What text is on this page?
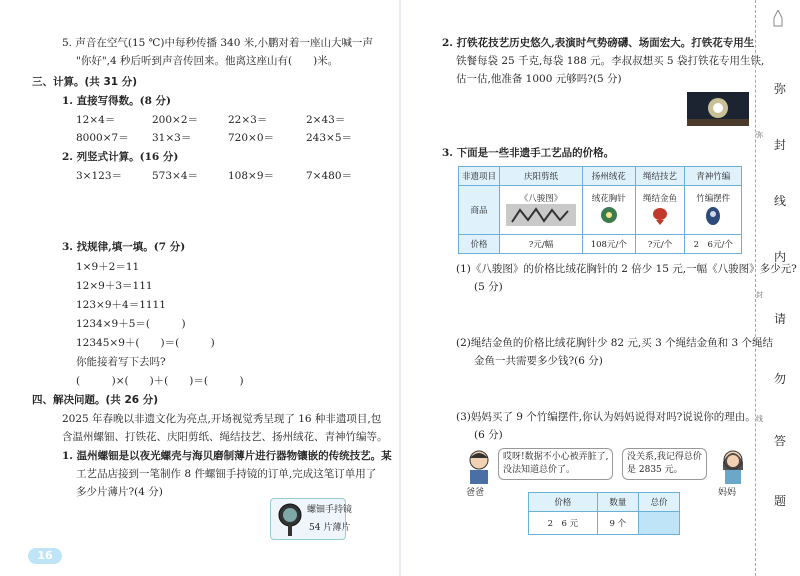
5. 声音在空气(15 ℃)中每秒传播 340 米,小鹏对着一座山大喊一声
"你好",4 秒后听到声音传回来。他离这座山有(　　)米。
三、计算。(共 31 分)
1. 直接写得数。(8 分)
12×4＝	200×2＝	22×3＝	2×43＝
8000×7＝ 31×3＝	720×0＝	243×5＝
2. 列竖式计算。(16 分)
3×123＝	573×4＝	108×9＝	7×480＝
3. 找规律,填一填。(7 分)
1×9＋2＝11
12×9＋3＝111
123×9＋4＝1111
1234×9＋5＝(　　　)
12345×9＋(　　)＝(　　　)
你能接着写下去吗?
(　　　)×(　　)＋(　　)＝(　　　)
四、解决问题。(共 26 分)
2025 年春晚以非遗文化为亮点,开场视觉秀呈现了 16 种非遗项目,包
含温州螺钿、打铁花、庆阳剪纸、绳结技艺、扬州绒花、青神竹编等。
1. 温州螺钿是以夜光螺壳与海贝磨制薄片进行器物镶嵌的传统技艺。某
工艺品店接到一笔制作 8 件螺钿手持镜的订单,完成这笔订单用了
多少片薄片?(4 分)
螺钿手持镜
54 片薄片
16
2. 打铁花技艺历史悠久,表演时气势磅礴、场面宏大。打铁花专用生
铁餐每袋 25 千克,每袋 188 元。李叔叔想买 5 袋打铁花专用生铁,
估一估,他准备 1000 元够吗?(5 分)
3. 下面是一些非遗手工艺品的价格。
非遗项目	庆阳剪纸	扬州绒花	绳结技艺	青神竹编
商品	《八骏图》	绒花胸针	绳结金鱼	竹编摆件

价格	?元/幅	108元/个	?元/个	2　6元/个
(1)《八骏图》的价格比绒花胸针的 2 倍少 15 元,一幅《八骏图》多少元?
(5 分)
(2)绳结金鱼的价格比绒花胸针少 82 元,买 3 个绳结金鱼和 3 个绳结
金鱼一共需要多少钱?(6 分)
(3)妈妈买了 9 个竹编摆件,你认为妈妈说得对吗?说说你的理由。
(6 分)
哎呀!数据不小心被弄脏了,
没法知道总价了。
爸爸
没关系,我记得总价
是 2835 元。
妈妈
价格	数量	总价
2　6 元	9 个	
弥
封
线
内
请
勿
答
题
弥
封
线
